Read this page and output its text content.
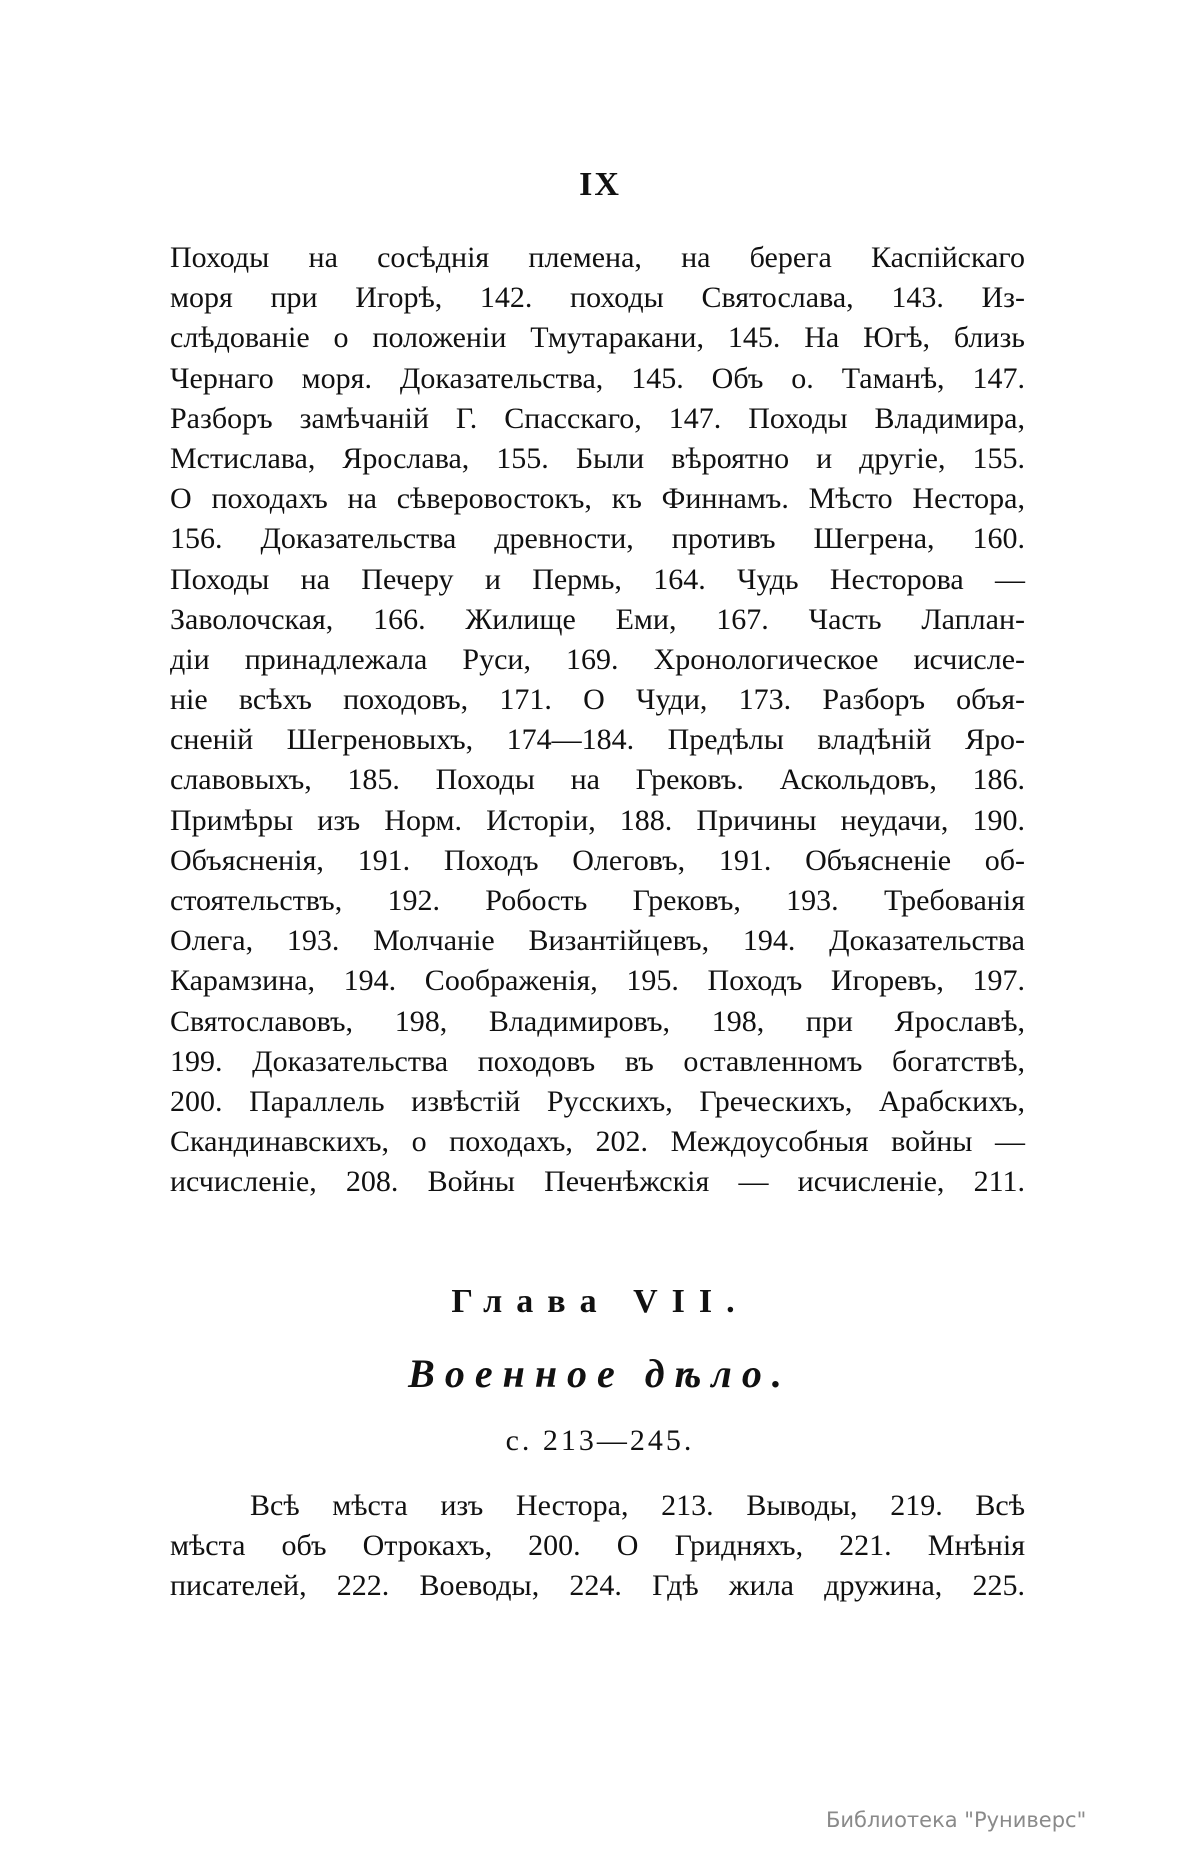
IX
Походы на сосѣднія племена, на берега Каспійскаго
моря при Игорѣ, 142. походы Святослава, 143. Из-
слѣдованіе о положеніи Тмутаракани, 145. На Югѣ, близь
Чернаго моря. Доказательства, 145. Объ о. Таманѣ, 147.
Разборъ замѣчаній Г. Спасскаго, 147. Походы Владимира,
Мстислава, Ярослава, 155. Были вѣроятно и другіе, 155.
О походахъ на сѣверовостокъ, къ Финнамъ. Мѣсто Нестора,
156. Доказательства древности, противъ Шегрена, 160.
Походы на Печеру и Пермь, 164. Чудь Несторова —
Заволочская, 166. Жилище Еми, 167. Часть Лаплан-
діи принадлежала Руси, 169. Хронологическое исчисле-
ніе всѣхъ походовъ, 171. О Чуди, 173. Разборъ объя-
сненій Шегреновыхъ, 174—184. Предѣлы владѣній Яро-
славовыхъ, 185. Походы на Грековъ. Аскольдовъ, 186.
Примѣры изъ Норм. Исторіи, 188. Причины неудачи, 190.
Объясненія, 191. Походъ Олеговъ, 191. Объясненіе об-
стоятельствъ, 192. Робость Грековъ, 193. Требованія
Олега, 193. Молчаніе Византійцевъ, 194. Доказательства
Карамзина, 194. Соображенія, 195. Походъ Игоревъ, 197.
Святославовъ, 198, Владимировъ, 198, при Ярославѣ,
199. Доказательства походовъ въ оставленномъ богатствѣ,
200. Параллель извѣстій Русскихъ, Греческихъ, Арабскихъ,
Скандинавскихъ, о походахъ, 202. Междоусобныя войны —
исчисленіе, 208. Войны Печенѣжскія — исчисленіе, 211.
Глава VII.
Военное дѣло.
с. 213—245.
Всѣ мѣста изъ Нестора, 213. Выводы, 219. Всѣ
мѣста объ Отрокахъ, 200. О Гридняхъ, 221. Мнѣнія
писателей, 222. Воеводы, 224. Гдѣ жила дружина, 225.
Библиотека "Руниверс"
